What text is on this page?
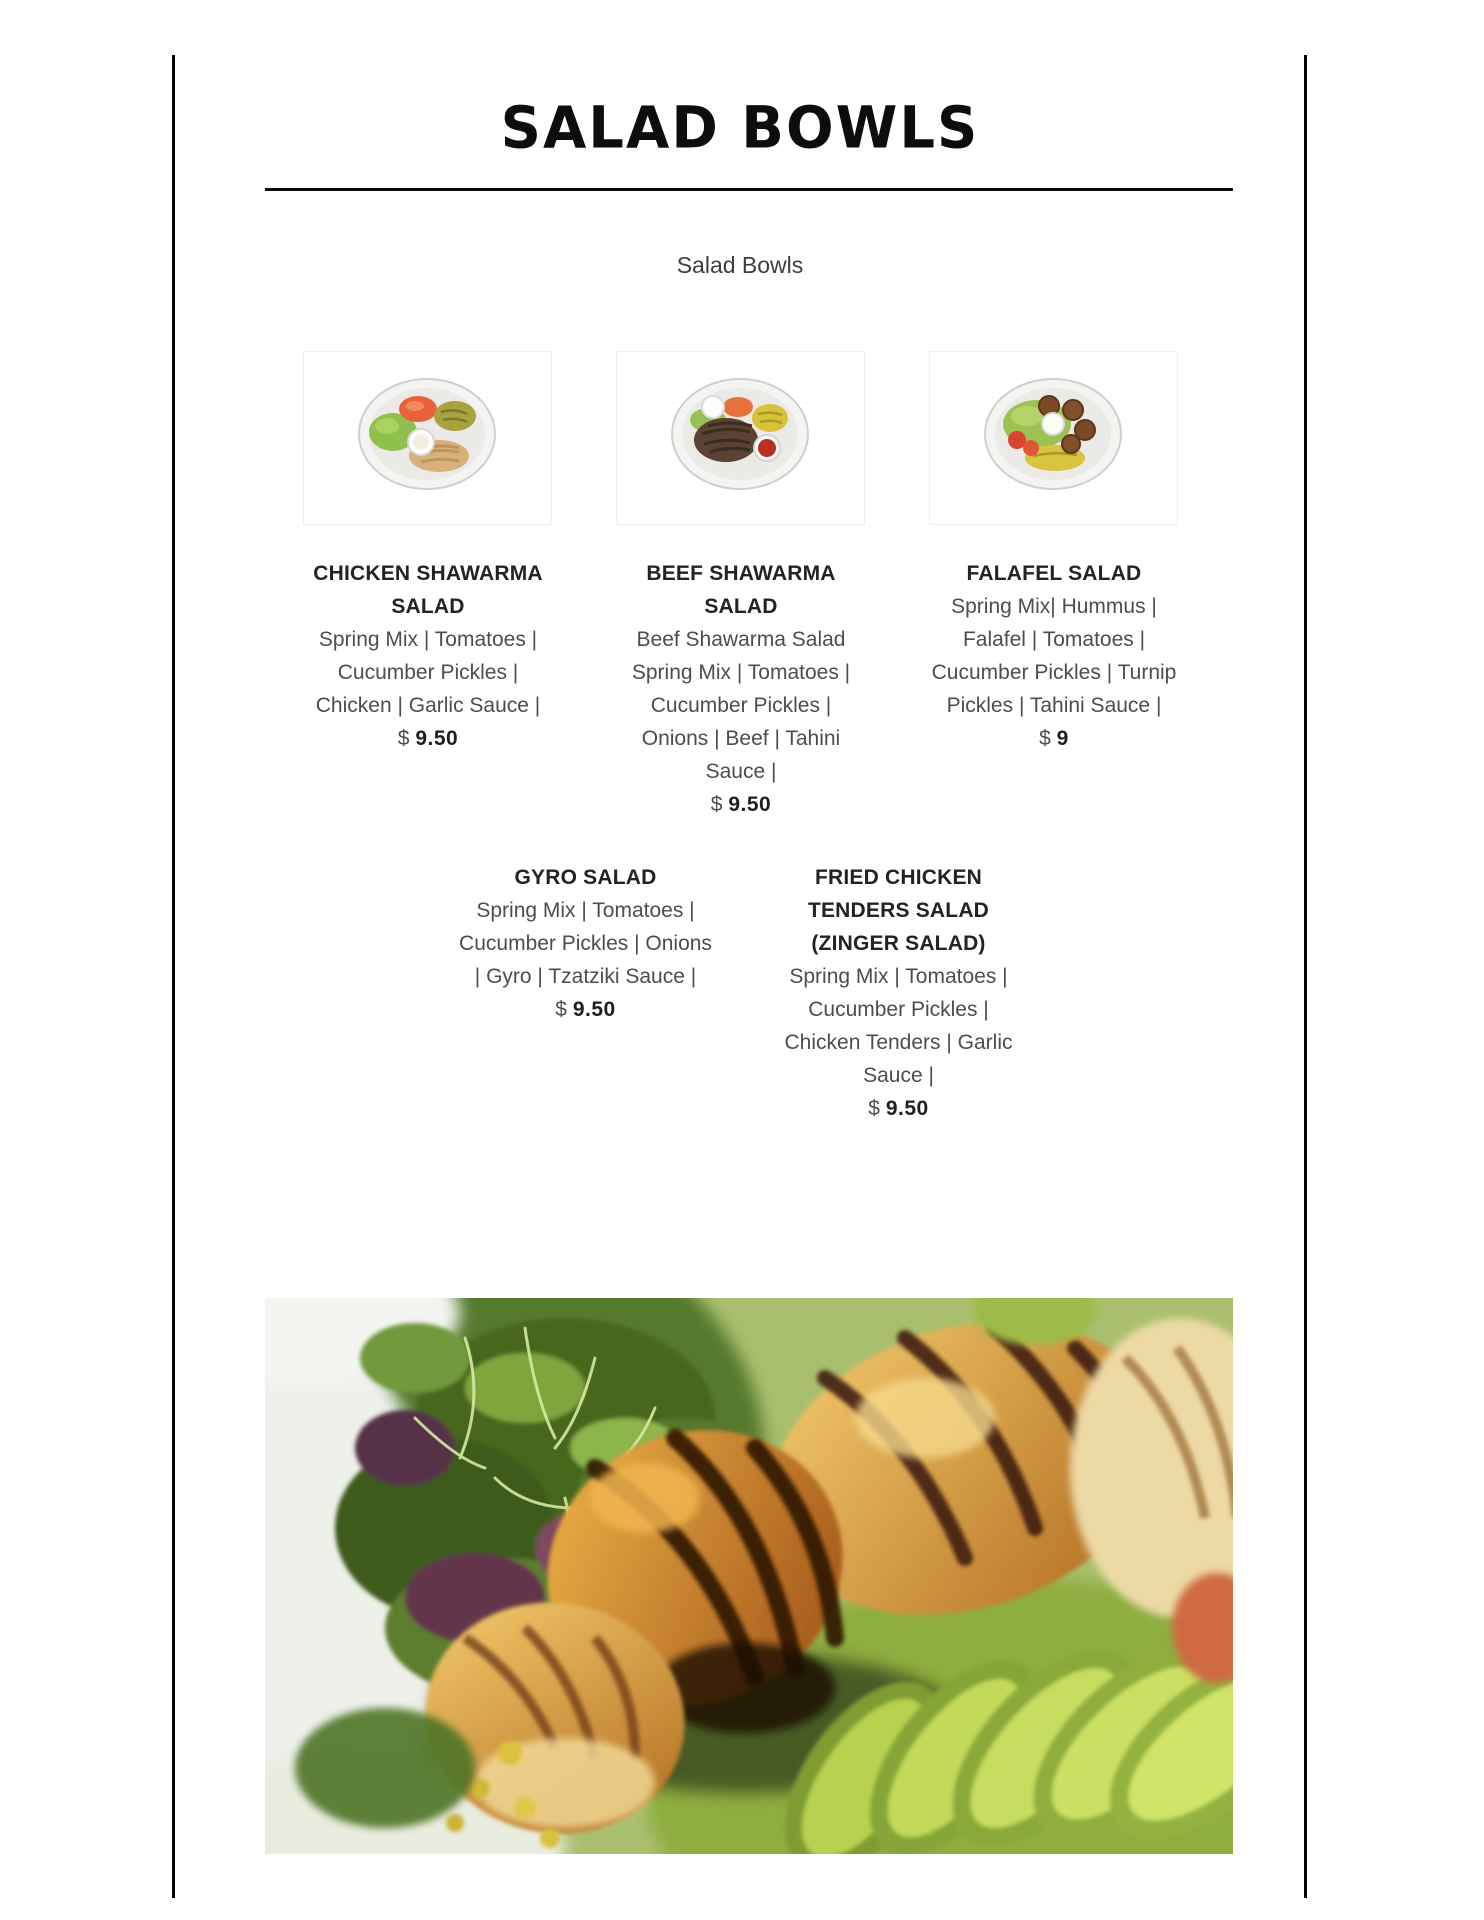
SALAD BOWLS
Salad Bowls
CHICKEN SHAWARMA SALAD
Spring Mix | Tomatoes | Cucumber Pickles | Chicken | Garlic Sauce |
$ 9.50
BEEF SHAWARMA SALAD
Beef Shawarma Salad Spring Mix | Tomatoes | Cucumber Pickles | Onions | Beef | Tahini Sauce |
$ 9.50
FALAFEL SALAD
Spring Mix| Hummus | Falafel | Tomatoes | Cucumber Pickles | Turnip Pickles | Tahini Sauce |
$ 9
GYRO SALAD
Spring Mix | Tomatoes | Cucumber Pickles | Onions | Gyro | Tzatziki Sauce |
$ 9.50
FRIED CHICKEN TENDERS SALAD (ZINGER SALAD)
Spring Mix | Tomatoes | Cucumber Pickles | Chicken Tenders | Garlic Sauce |
$ 9.50
